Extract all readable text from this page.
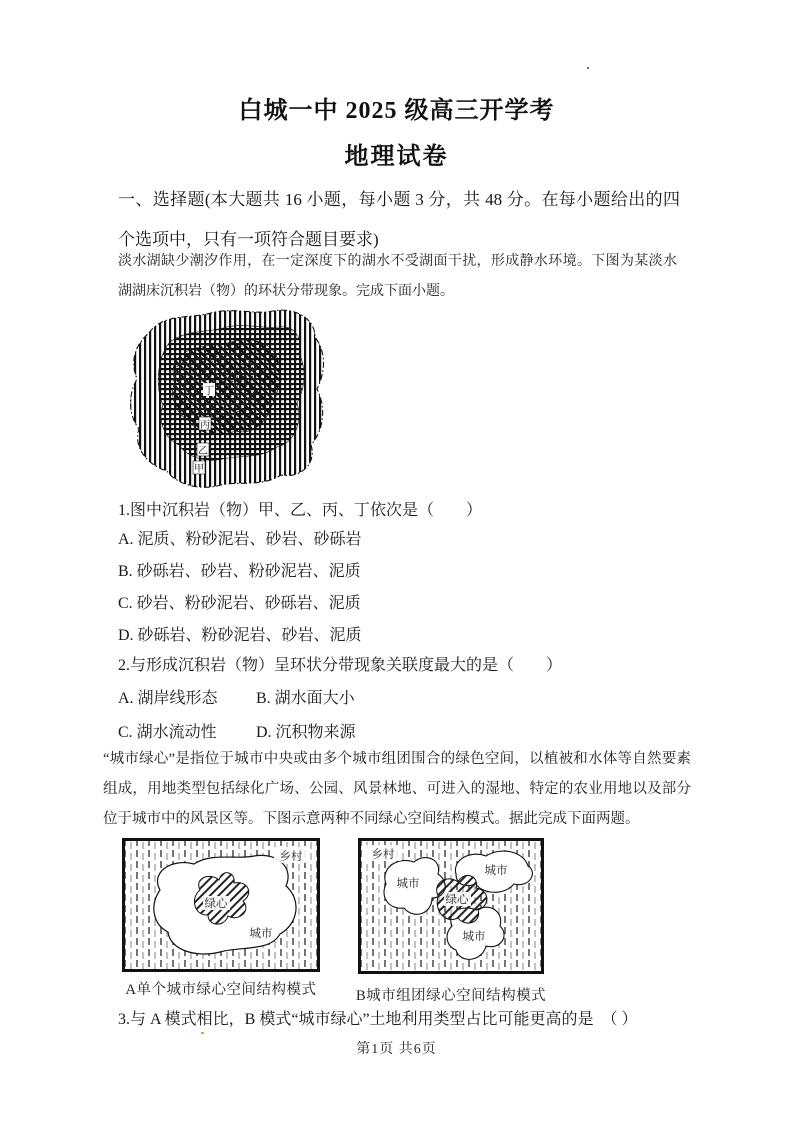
白城一中 2025 级高三开学考
地理试卷
一、选择题(本大题共 16 小题，每小题 3 分，共 48 分。在每小题给出的四个选项中，只有一项符合题目要求)
淡水湖缺少潮汐作用，在一定深度下的湖水不受湖面干扰，形成静水环境。下图为某淡水湖湖床沉积岩（物）的环状分带现象。完成下面小题。
丁
丙
乙
甲
1.图中沉积岩（物）甲、乙、丙、丁依次是（　　）
A. 泥质、粉砂泥岩、砂岩、砂砾岩
B. 砂砾岩、砂岩、粉砂泥岩、泥质
C. 砂岩、粉砂泥岩、砂砾岩、泥质
D. 砂砾岩、粉砂泥岩、砂岩、泥质
2.与形成沉积岩（物）呈环状分带现象关联度最大的是（　　）
A. 湖岸线形态	B. 湖水面大小
C. 湖水流动性	D. 沉积物来源
“城市绿心”是指位于城市中央或由多个城市组团围合的绿色空间，以植被和水体等自然要素组成，用地类型包括绿化广场、公园、风景林地、可进入的湿地、特定的农业用地以及部分位于城市中的风景区等。下图示意两种不同绿心空间结构模式。据此完成下面两题。
乡村
绿心
城市
乡村
城市
城市
城市
绿心
A单个城市绿心空间结构模式	B城市组团绿心空间结构模式
3.与 A 模式相比，B 模式“城市绿心”土地利用类型占比可能更高的是　（ ）
第1页 共6页
